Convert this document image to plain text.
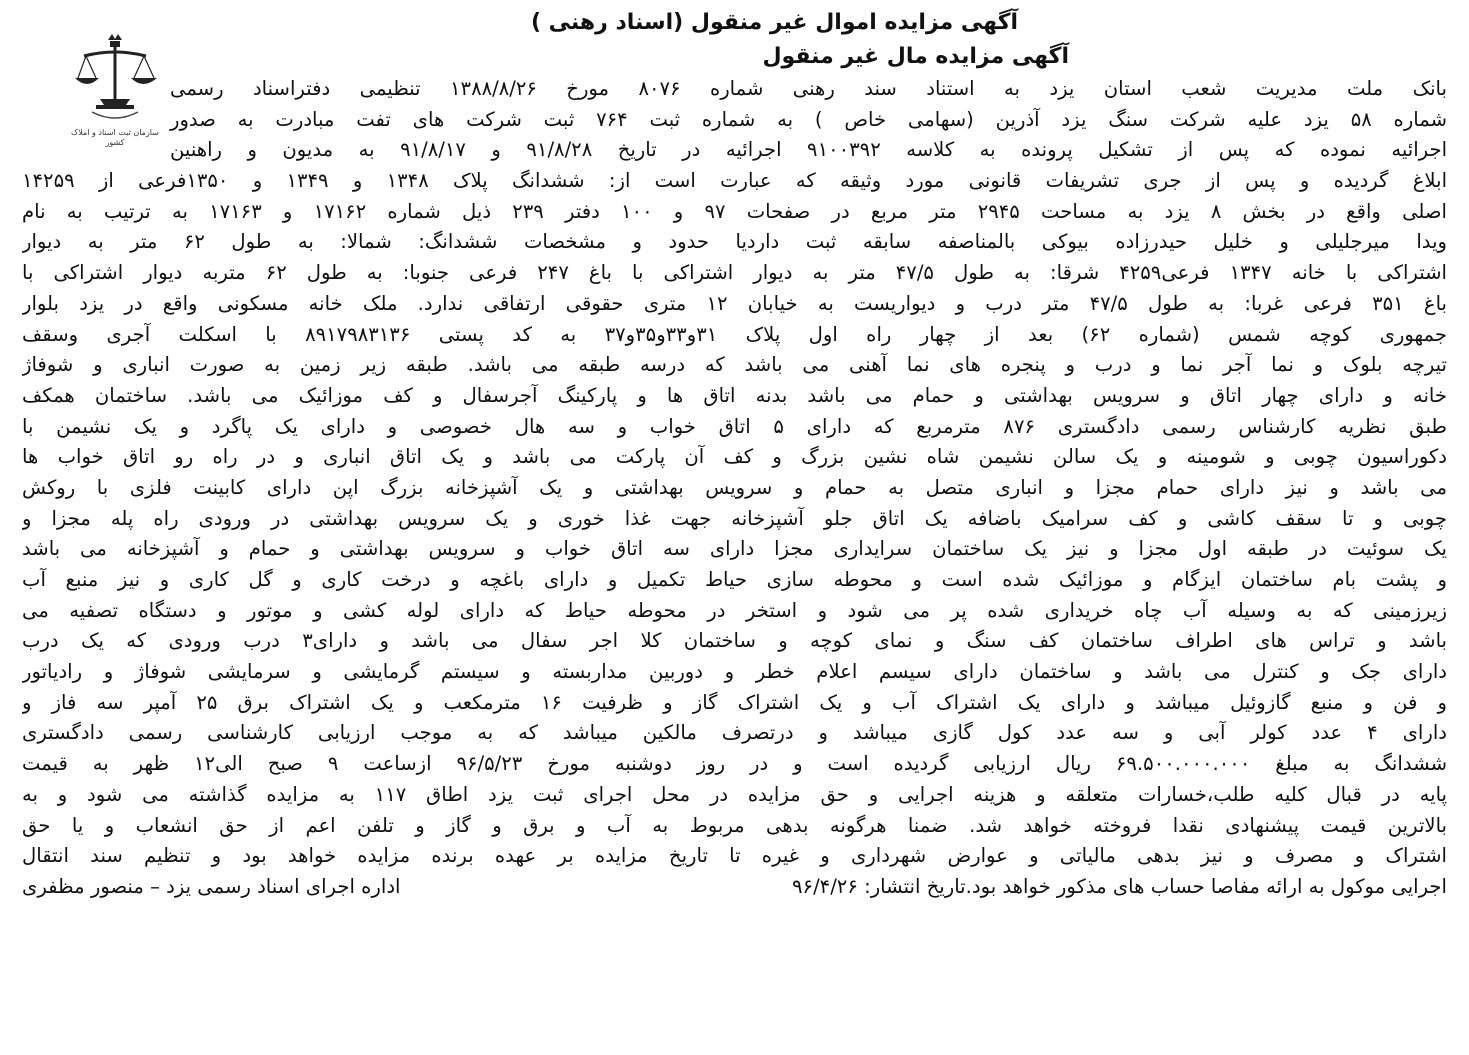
سازمان ثبت اسناد و املاک کشور
آگهی مزایده اموال غیر منقول (اسناد رهنی )
آگهی مزایده مال غیر منقول

بانک ملت مدیریت شعب استان یزد به استناد سند رهنی شماره ۸۰۷۶ مورخ ۱۳۸۸/۸/۲۶ تنظیمی دفتراسناد رسمی

شماره ۵۸ یزد علیه شرکت سنگ یزد آذرین (سهامی خاص ) به شماره ثبت ۷۶۴ ثبت شرکت های تفت مبادرت به صدور

اجرائیه نموده که پس از تشکیل پرونده به کلاسه ۹۱۰۰۳۹۲ اجرائیه در تاریخ ۹۱/۸/۲۸ و ۹۱/۸/۱۷ به مدیون و راهنین

ابلاغ گردیده و پس از جری تشریفات قانونی مورد وثیقه که عبارت است از: ششدانگ پلاک ۱۳۴۸ و ۱۳۴۹ و ۱۳۵۰فرعی از ۱۴۲۵۹

اصلی واقع در بخش ۸ یزد به مساحت ۲۹۴۵ متر مربع در صفحات ۹۷ و ۱۰۰ دفتر ۲۳۹ ذیل شماره ۱۷۱۶۲ و ۱۷۱۶۳ به ترتیب به نام

ویدا میرجلیلی و خلیل حیدرزاده بیوکی بالمناصفه سابقه ثبت داردیا حدود و مشخصات ششدانگ: شمالا: به طول ۶۲ متر به دیوار

اشتراکی با خانه ۱۳۴۷ فرعی۴۲۵۹ شرقا: به طول ۴۷/۵ متر به دیوار اشتراکی با باغ ۲۴۷ فرعی جنوبا: به طول ۶۲ متربه دیوار اشتراکی با

باغ ۳۵۱ فرعی غربا: به طول ۴۷/۵ متر درب و دیواریست به خیابان ۱۲ متری حقوقی ارتفاقی ندارد. ملک خانه مسکونی واقع در یزد بلوار

جمهوری کوچه شمس (شماره ۶۲) بعد از چهار راه اول پلاک ۳۱و۳۳و۳۵و۳۷ به کد پستی ۸۹۱۷۹۸۳۱۳۶ با اسکلت آجری وسقف

تیرچه بلوک و نما آجر نما و درب و پنجره های نما آهنی می باشد که درسه طبقه می باشد. طبقه زیر زمین به صورت انباری و شوفاژ

خانه و دارای چهار اتاق و سرویس بهداشتی و حمام می باشد بدنه اتاق ها و پارکینگ آجرسفال و کف موزائیک می باشد. ساختمان همکف

طبق نظریه کارشناس رسمی دادگستری ۸۷۶ مترمربع که دارای ۵ اتاق خواب و سه هال خصوصی و دارای یک پاگرد و یک نشیمن با

دکوراسیون چوبی و شومینه و یک سالن نشیمن شاه نشین بزرگ و کف آن پارکت می باشد و یک اتاق انباری و در راه رو اتاق خواب ها

می باشد و نیز دارای حمام مجزا و انباری متصل به حمام و سرویس بهداشتی و یک آشپزخانه بزرگ اپن دارای کابینت فلزی با روکش

چوبی و تا سقف کاشی و کف سرامیک باضافه یک اتاق جلو آشپزخانه جهت غذا خوری و یک سرویس بهداشتی در ورودی راه پله مجزا و

یک سوئیت در طبقه اول مجزا و نیز یک ساختمان سرایداری مجزا دارای سه اتاق خواب و سرویس بهداشتی و حمام و آشپزخانه می باشد

و پشت بام ساختمان ایزگام و موزائیک شده است و محوطه سازی حیاط تکمیل و دارای باغچه و درخت کاری و گل کاری و نیز منبع آب

زیرزمینی که به وسیله آب چاه خریداری شده پر می شود و استخر در محوطه حیاط که دارای لوله کشی و موتور و دستگاه تصفیه می

باشد و تراس های اطراف ساختمان کف سنگ و نمای کوچه و ساختمان کلا اجر سفال می باشد و دارای۳ درب ورودی که یک درب

دارای جک و کنترل می باشد و ساختمان دارای سیسم اعلام خطر و دوربین مداربسته و سیستم گرمایشی و سرمایشی شوفاژ و رادیاتور

و فن و منبع گازوئیل میباشد و دارای یک اشتراک آب و یک اشتراک گاز و ظرفیت ۱۶ مترمکعب و یک اشتراک برق ۲۵ آمپر سه فاز و

دارای ۴ عدد کولر آبی و سه عدد کول گازی میباشد و درتصرف مالکین میباشد که به موجب ارزیابی کارشناسی رسمی دادگستری

ششدانگ به مبلغ ۶۹.۵۰۰.۰۰۰.۰۰۰ ریال ارزیابی گردیده است و در روز دوشنبه مورخ ۹۶/۵/۲۳ ازساعت ۹ صبح الی۱۲ ظهر به قیمت

پایه در قبال کلیه طلب،خسارات متعلقه و هزینه اجرایی و حق مزایده در محل اجرای ثبت یزد اطاق ۱۱۷ به مزایده گذاشته می شود و به

بالاترین قیمت پیشنهادی نقدا فروخته خواهد شد. ضمنا هرگونه بدهی مربوط به آب و برق و گاز و تلفن اعم از حق انشعاب و یا حق

اشتراک و مصرف و نیز بدهی مالیاتی و عوارض شهرداری و غیره تا تاریخ مزایده بر عهده برنده مزایده خواهد بود و تنظیم سند انتقال

اجرایی موکول به ارائه مفاصا حساب های مذکور خواهد بود.تاریخ انتشار: ۹۶/۴/۲۶
اداره اجرای اسناد رسمی یزد – منصور مظفری
